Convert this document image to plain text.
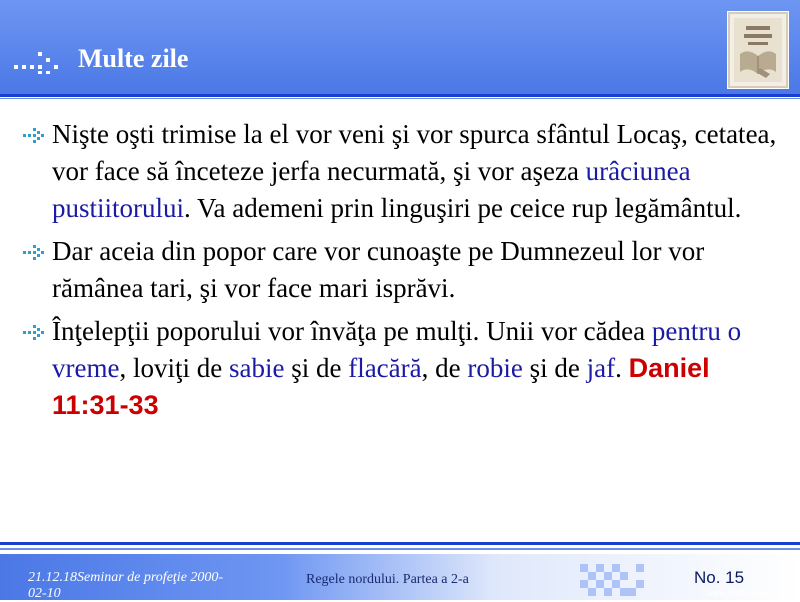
Multe zile
Nişte oşti trimise la el vor veni şi vor spurca sfântul Locaş, cetatea, vor face să înceteze jerfa necurmată, şi vor aşeza urâciunea pustiitorului. Va ademeni prin linguşiri pe ceice rup legământul.
Dar aceia din popor care vor cunoaşte pe Dumnezeul lor vor rămânea tari, şi vor face mari isprăvi.
Înţelepţii poporului vor învăţa pe mulţi. Unii vor cădea pentru o vreme, loviţi de sabie şi de flacără, de robie şi de jaf. Daniel 11:31-33
21.12.18Seminar de profeţie 2000-02-10
Regele nordului. Partea a 2-a	No. 15
www.1843-chart.com
